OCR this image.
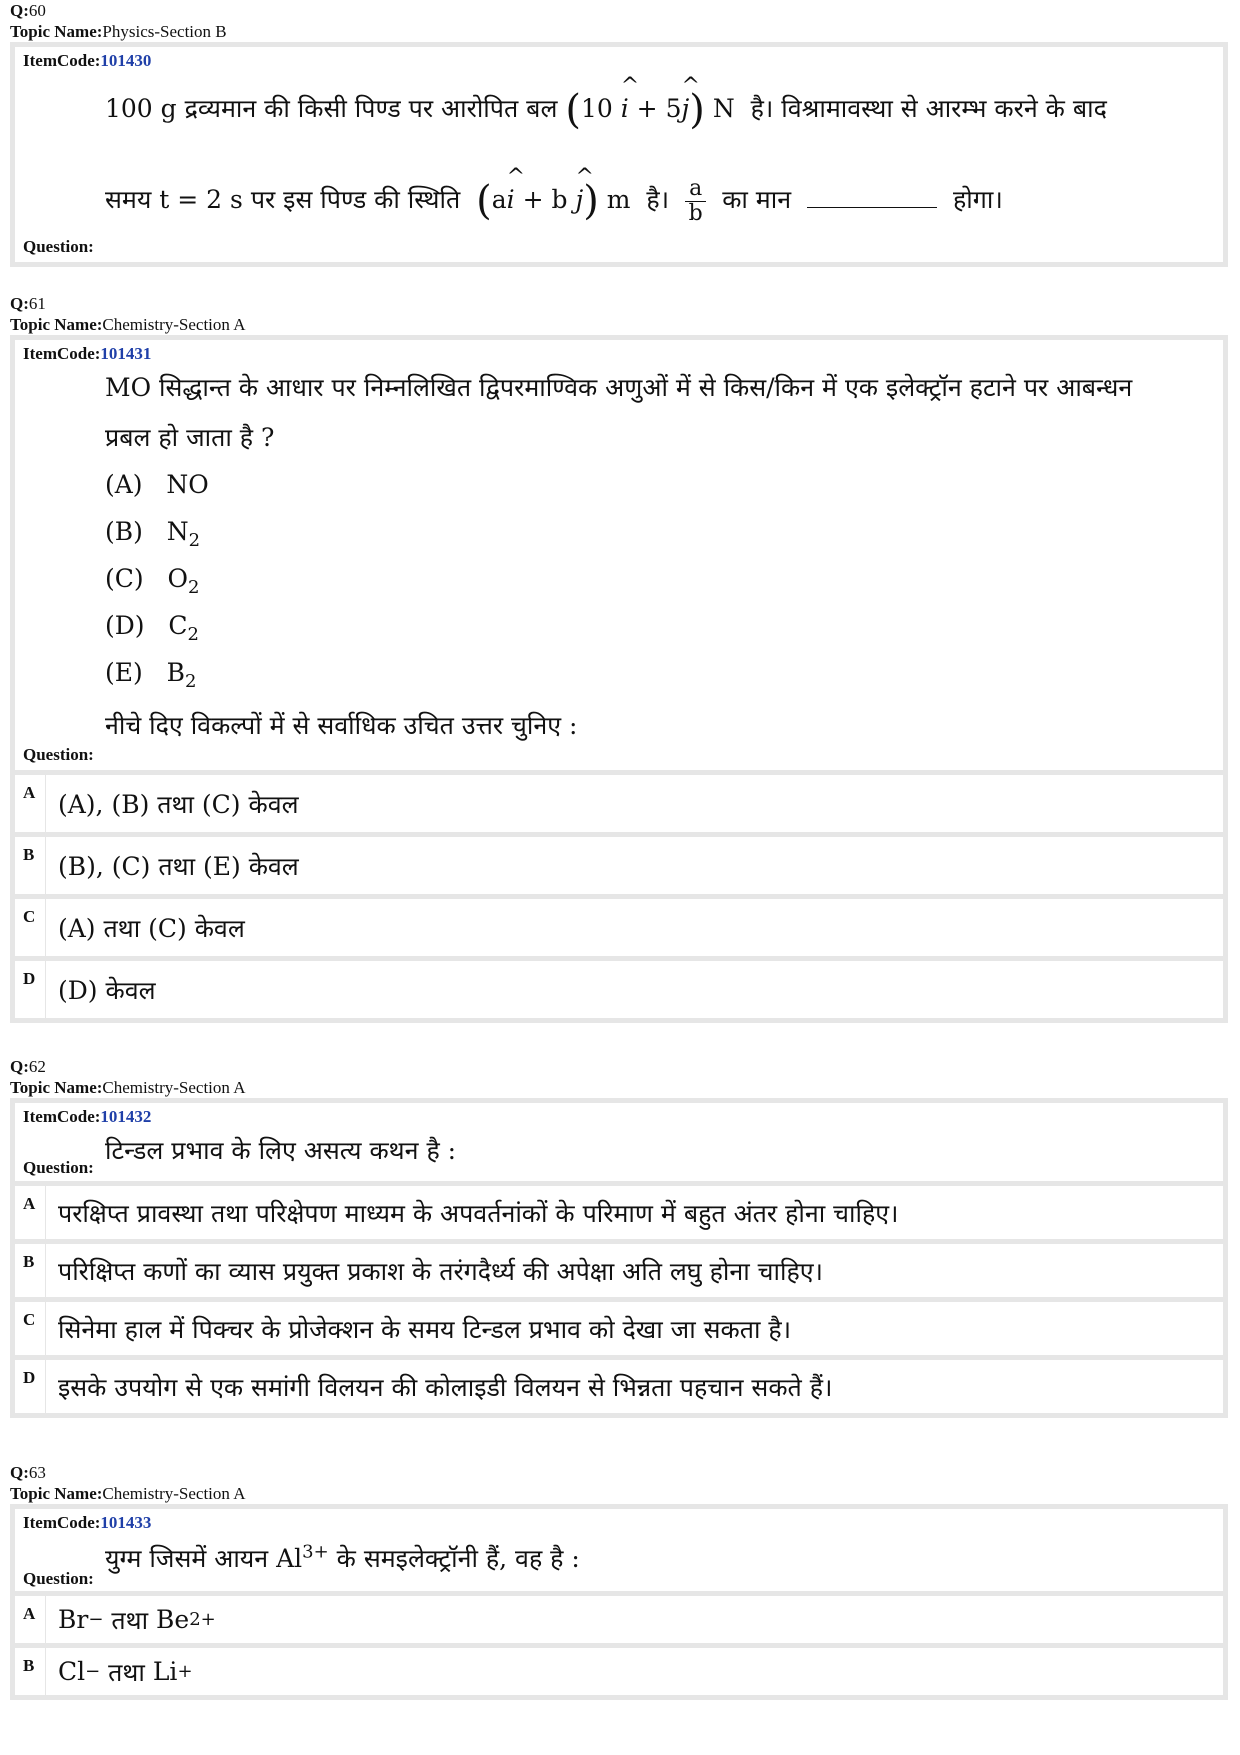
Q:60
Topic Name:Physics-Section B
ItemCode:101430
100 g द्रव्यमान की किसी पिण्ड पर आरोपित बल (10 ^ i + 5^ j) N है। विश्रामावस्था से आरम्भ करने के बाद
समय t = 2 s पर इस पिण्ड की स्थिति (a^ i + b ^ j) m है। $\frac{a}{b}$ का मान	होगा।
Question:
Q:61
Topic Name:Chemistry-Section A
ItemCode:101431
MO सिद्धान्त के आधार पर निम्नलिखित द्विपरमाण्विक अणुओं में से किस/किन में एक इलेक्ट्रॉन हटाने पर आबन्धन
प्रबल हो जाता है ?
(A) NO
(B) $N_2$
(C) $O_2$
(D) $C_2$
(E) $B_2$
नीचे दिए विकल्पों में से सर्वाधिक उचित उत्तर चुनिए :
Question:
A (A), (B) तथा (C) केवल
B (B), (C) तथा (E) केवल
C (A) तथा (C) केवल
D (D) केवल
Q:62
Topic Name:Chemistry-Section A
ItemCode:101432
टिन्डल प्रभाव के लिए असत्य कथन है :
Question:
A परक्षिप्त प्रावस्था तथा परिक्षेपण माध्यम के अपवर्तनांकों के परिमाण में बहुत अंतर होना चाहिए।
B परिक्षिप्त कणों का व्यास प्रयुक्त प्रकाश के तरंगदैर्ध्य की अपेक्षा अति लघु होना चाहिए।
C सिनेमा हाल में पिक्चर के प्रोजेक्शन के समय टिन्डल प्रभाव को देखा जा सकता है।
D इसके उपयोग से एक समांगी विलयन की कोलाइडी विलयन से भिन्नता पहचान सकते हैं।
Q:63
Topic Name:Chemistry-Section A
ItemCode:101433
युग्म जिसमें आयन $Al^{3+}$ के समइलेक्ट्रॉनी हैं, वह है :
Question:
A Br −
तथा
Be 2+
B Cl −
तथा
Li +
